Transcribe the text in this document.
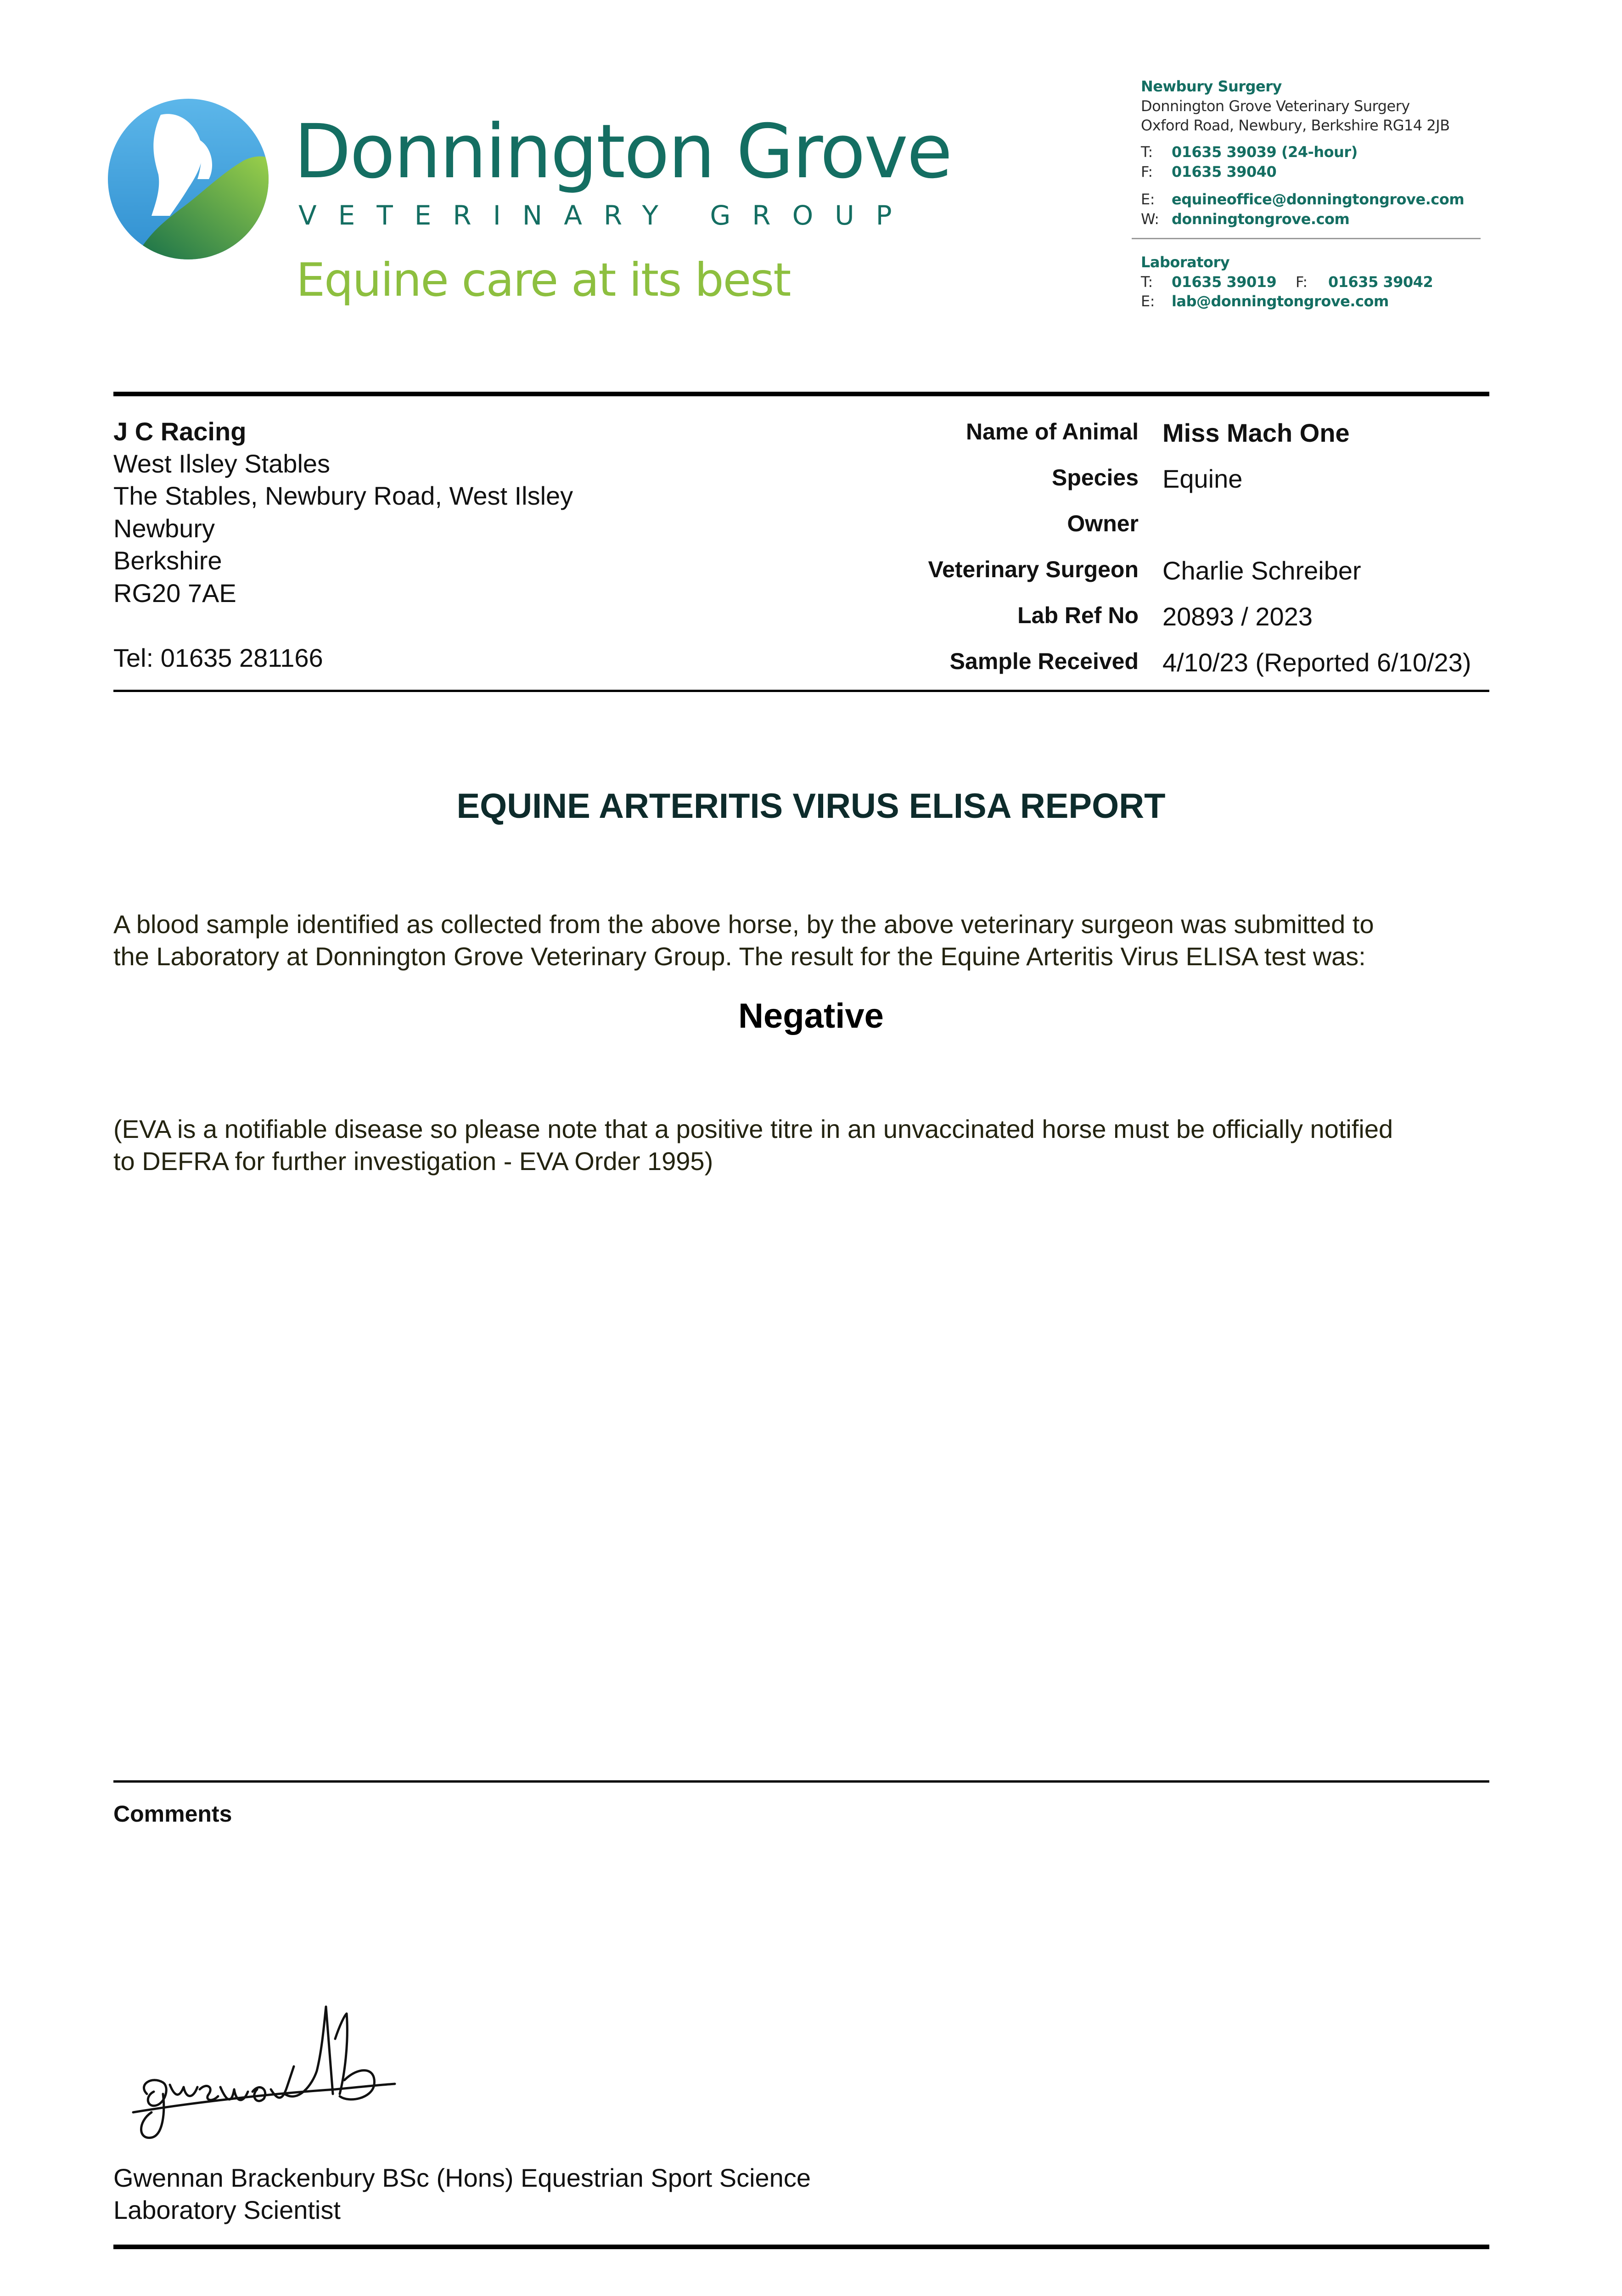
Donnington Grove
VETERINARY GROUP
Equine care at its best
Newbury Surgery
Donnington Grove Veterinary Surgery
Oxford Road, Newbury, Berkshire RG14 2JB
T: 01635 39039 (24-hour)
F: 01635 39040
E: equineoffice@donningtongrove.com
W: donningtongrove.com
Laboratory
T: 01635 39019 F: 01635 39042
E: lab@donningtongrove.com
J C Racing
West Ilsley Stables
The Stables, Newbury Road, West Ilsley
Newbury
Berkshire
RG20 7AE
Tel: 01635 281166
Name of Animal Miss Mach One
Species Equine
Owner
Veterinary Surgeon Charlie Schreiber
Lab Ref No 20893 / 2023
Sample Received 4/10/23 (Reported 6/10/23)
EQUINE ARTERITIS VIRUS ELISA REPORT
A blood sample identified as collected from the above horse, by the above veterinary surgeon was submitted to
the Laboratory at Donnington Grove Veterinary Group. The result for the Equine Arteritis Virus ELISA test was:
Negative
(EVA is a notifiable disease so please note that a positive titre in an unvaccinated horse must be officially notified
to DEFRA for further investigation - EVA Order 1995)
Comments
Gwennan Brackenbury BSc (Hons) Equestrian Sport Science
Laboratory Scientist
